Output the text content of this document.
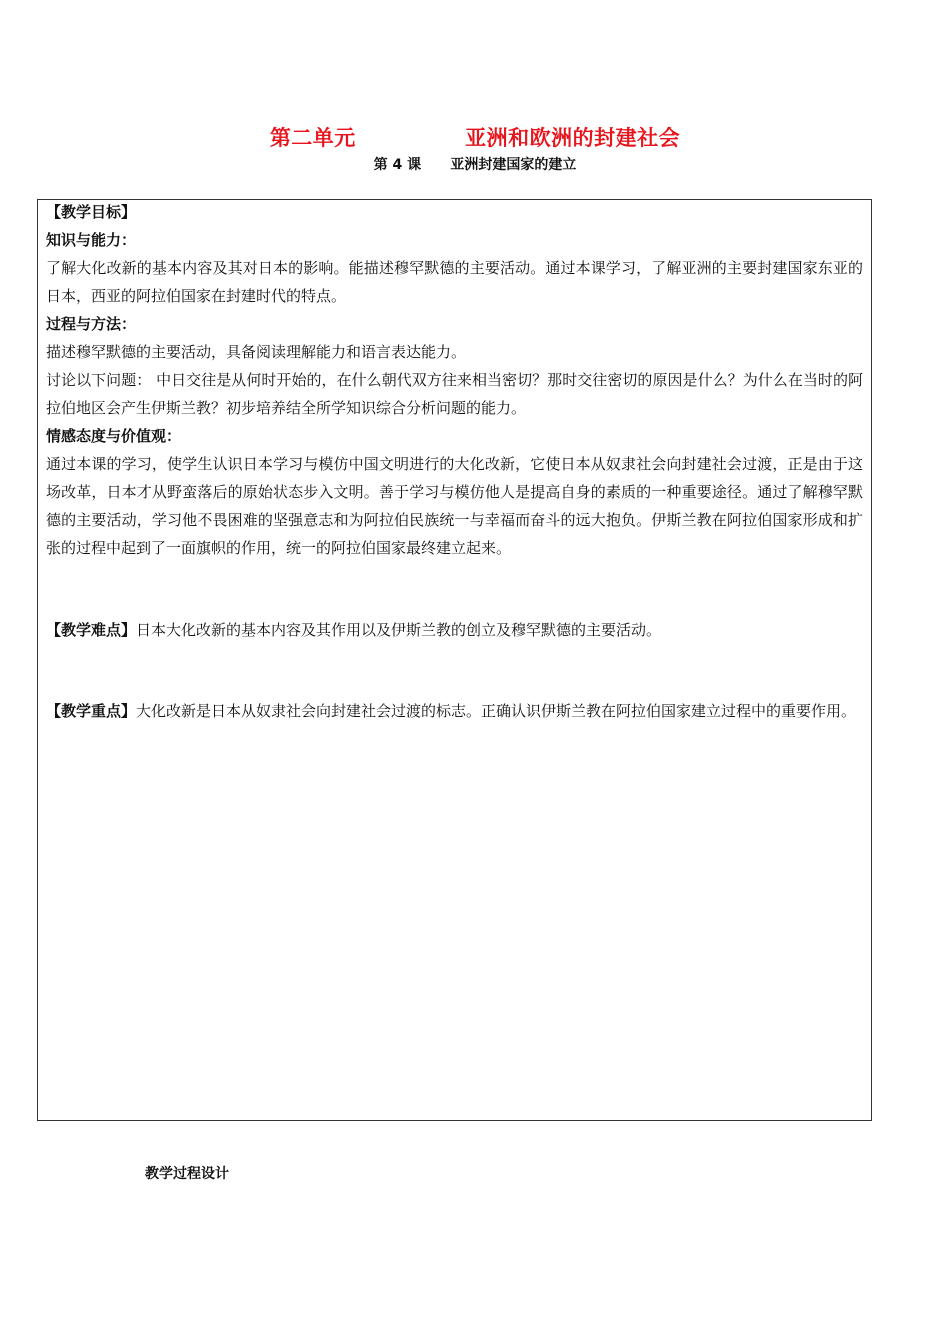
第二单元              亚洲和欧洲的封建社会
第 4 课      亚洲封建国家的建立
【教学目标】
知识与能力：
了解大化改新的基本内容及其对日本的影响。能描述穆罕默德的主要活动。通过本课学习，了解亚洲的主要封建国家东亚的日本，西亚的阿拉伯国家在封建时代的特点。
过程与方法：
描述穆罕默德的主要活动，具备阅读理解能力和语言表达能力。
讨论以下问题： 中日交往是从何时开始的，在什么朝代双方往来相当密切？那时交往密切的原因是什么？为什么在当时的阿拉伯地区会产生伊斯兰教？初步培养结全所学知识综合分析问题的能力。
情感态度与价值观：
通过本课的学习，使学生认识日本学习与模仿中国文明进行的大化改新，它使日本从奴隶社会向封建社会过渡，正是由于这场改革，日本才从野蛮落后的原始状态步入文明。善于学习与模仿他人是提高自身的素质的一种重要途径。通过了解穆罕默德的主要活动，学习他不畏困难的坚强意志和为阿拉伯民族统一与幸福而奋斗的远大抱负。伊斯兰教在阿拉伯国家形成和扩张的过程中起到了一面旗帜的作用，统一的阿拉伯国家最终建立起来。
【教学难点】日本大化改新的基本内容及其作用以及伊斯兰教的创立及穆罕默德的主要活动。
【教学重点】大化改新是日本从奴隶社会向封建社会过渡的标志。正确认识伊斯兰教在阿拉伯国家建立过程中的重要作用。
教学过程设计
